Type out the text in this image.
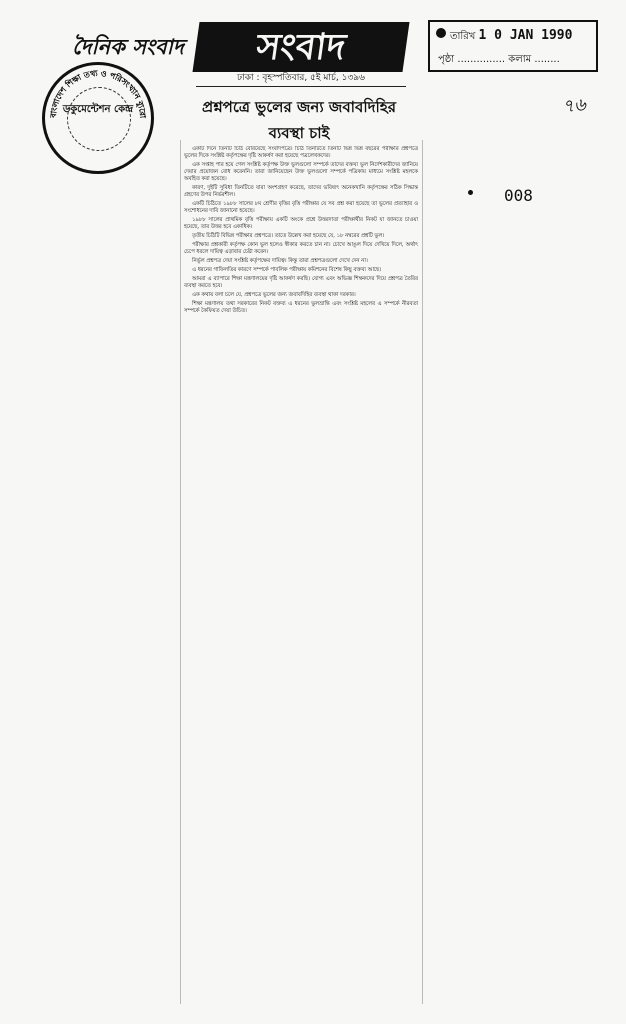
দৈনিক সংবাদ	সংবাদ
ঢাকা : বৃহস্পতিবার, ৫ই মার্চ, ১৩৯৬
বাংলাদেশ শিক্ষা তথ্য ও পরিসংখ্যান ব্যুরো
ডকুমেন্টেশন কেন্দ্র
তারিখ 1 0 JAN 1990
পৃষ্ঠা ............... কলাম ........
৭৬
008
প্রশ্নপত্রে ভুলের জন্য জবাবদিহির
ব্যবস্থা চাই

একটি দিনে তিনটি চিঠি বেরিয়েছে সংবাদপত্রে। চিঠি তিনটিতে তিনটি ভিন্ন ভিন্ন বছরের পরীক্ষার প্রশ্নপত্রে ভুলের দিকে সংশ্লিষ্ট কর্তৃপক্ষের দৃষ্টি আকর্ষণ করা হয়েছে পত্রলেখকদের।

এক সপ্তাহ পার হয়ে গেল সংশ্লিষ্ট কর্তৃপক্ষ উক্ত ভুলগুলো সম্পর্কে তাদের বক্তব্য ভুল নির্দেশকারীদের জানিয়ে দেয়ার প্রয়োজন বোধ করেননি। তারা জানিয়েছেন উক্ত ভুলগুলো সম্পর্কে পত্রিকায় মাধ্যমে সংশ্লিষ্ট মহলকে অবহিত করা হয়েছে।

কারণ, দুইটি সুবিধা তিনটিতে যারা অংশগ্রহণ করেছে, তাদের ভবিষ্যৎ অনেকখানি কর্তৃপক্ষের সঠিক সিদ্ধান্ত গ্রহণের উপর নির্ভরশীল।

একটি চিঠিতে ১৯৮৮ সালের ৮ম শ্রেণীর বৃত্তির বৃত্তি পরীক্ষার যে সব প্রশ্ন করা হয়েছে তা ভুলের প্রত্যাহার ও সংশোধনের দাবি জানানো হয়েছে।

১৯৮৮ সালের প্রাথমিক বৃত্তি পরীক্ষায় একটি অংকে প্রশ্নে উত্তরদাতা পরীক্ষার্থীর নিকট যা জানতে চাওয়া হয়েছে, তার উত্তর হবে একাধিক।

তৃতীয় চিঠিটি বিভিন্ন পরীক্ষার প্রশ্নপত্রে। তাতে উল্লেখ করা হয়েছে যে, ১৮ নম্বরের প্রশ্নটি ভুল।

পরীক্ষার প্রশ্নকারী কর্তৃপক্ষ কোন ভুল হলেও স্বীকার করতে চান না। চোখে আঙুল দিয়ে দেখিয়ে দিলে, অর্থাৎ চেপে ধরলে দায়িত্ব এড়াবার চেষ্টা করেন।

নির্ভুল প্রশ্নপত্র দেয়া সংশ্লিষ্ট কর্তৃপক্ষের দায়িত্ব। কিন্তু তারা প্রশ্নপত্রগুলো দেখে দেন না।

এ ধরনের গাফিলতির কারণে সম্পর্কে পাবলিক পরীক্ষায় কমিশনের বিশেষ কিছু বক্তব্য আছে।

আমরা এ ব্যাপারে শিক্ষা মন্ত্রণালয়ের দৃষ্টি আকর্ষণ করছি। যোগ্য এবং অভিজ্ঞ শিক্ষকদের দিয়ে প্রশ্নপত্র তৈরির ব্যবস্থা করতে হবে।

এক কথায় বলা চলে যে, প্রশ্নপত্রে ভুলের জন্য জবাবদিহির ব্যবস্থা থাকা দরকার।

শিক্ষা মন্ত্রণালয় তথা সরকারের নিকট বক্তব্য এ ধরনের ভুলভ্রান্তি এবং সংশ্লিষ্ট মহলের এ সম্পর্কে নীরবতা সম্পর্কে কৈফিয়ত দেয়া উচিত।
